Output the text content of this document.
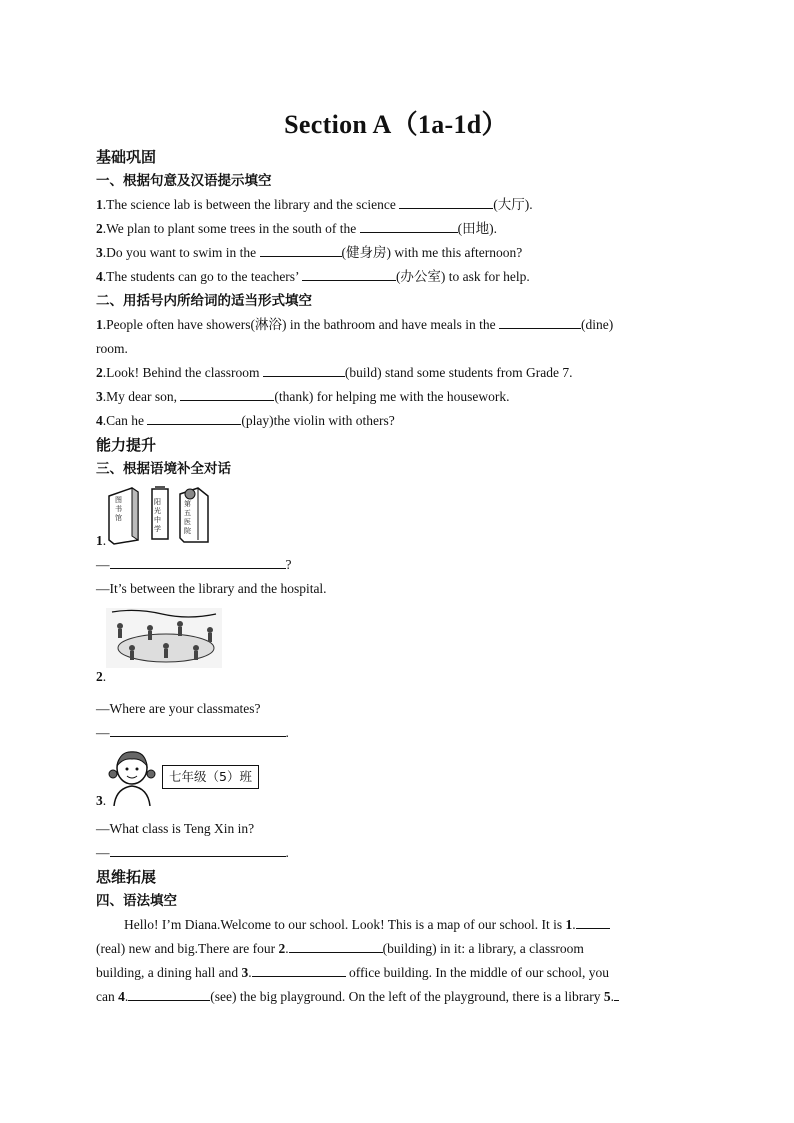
Section A（1a-1d）
基础巩固
一、根据句意及汉语提示填空
1.The science lab is between the library and the science	(大厅).
2.We plan to plant some trees in the south of the	(田地).
3.Do you want to swim in the	(健身房) with me this afternoon?
4.The students can go to the teachers’	(办公室) to ask for help.
二、用括号内所给词的适当形式填空
1.People often have showers(淋浴) in the bathroom and have meals in the	(dine)
room.
2.Look! Behind the classroom	(build) stand some students from Grade 7.
3.My dear son,	(thank) for helping me with the housework.
4.Can he	(play)the violin with others?
能力提升
三、根据语境补全对话
图书馆
阳光中学
第五医院
1.
—	?
—It’s between the library and the hospital.
2.
—Where are your classmates?
—	.
七年级（5）班
3.
—What class is Teng Xin in?
—	.
思维拓展
四、语法填空
Hello! I’m Diana.Welcome to our school. Look! This is a map of our school. It is 1.
(real) new and big.There are four 2.	(building) in it: a library, a classroom
building, a dining hall and 3.	office building. In the middle of our school, you
can 4.	(see) the big playground. On the left of the playground, there is a library 5.
